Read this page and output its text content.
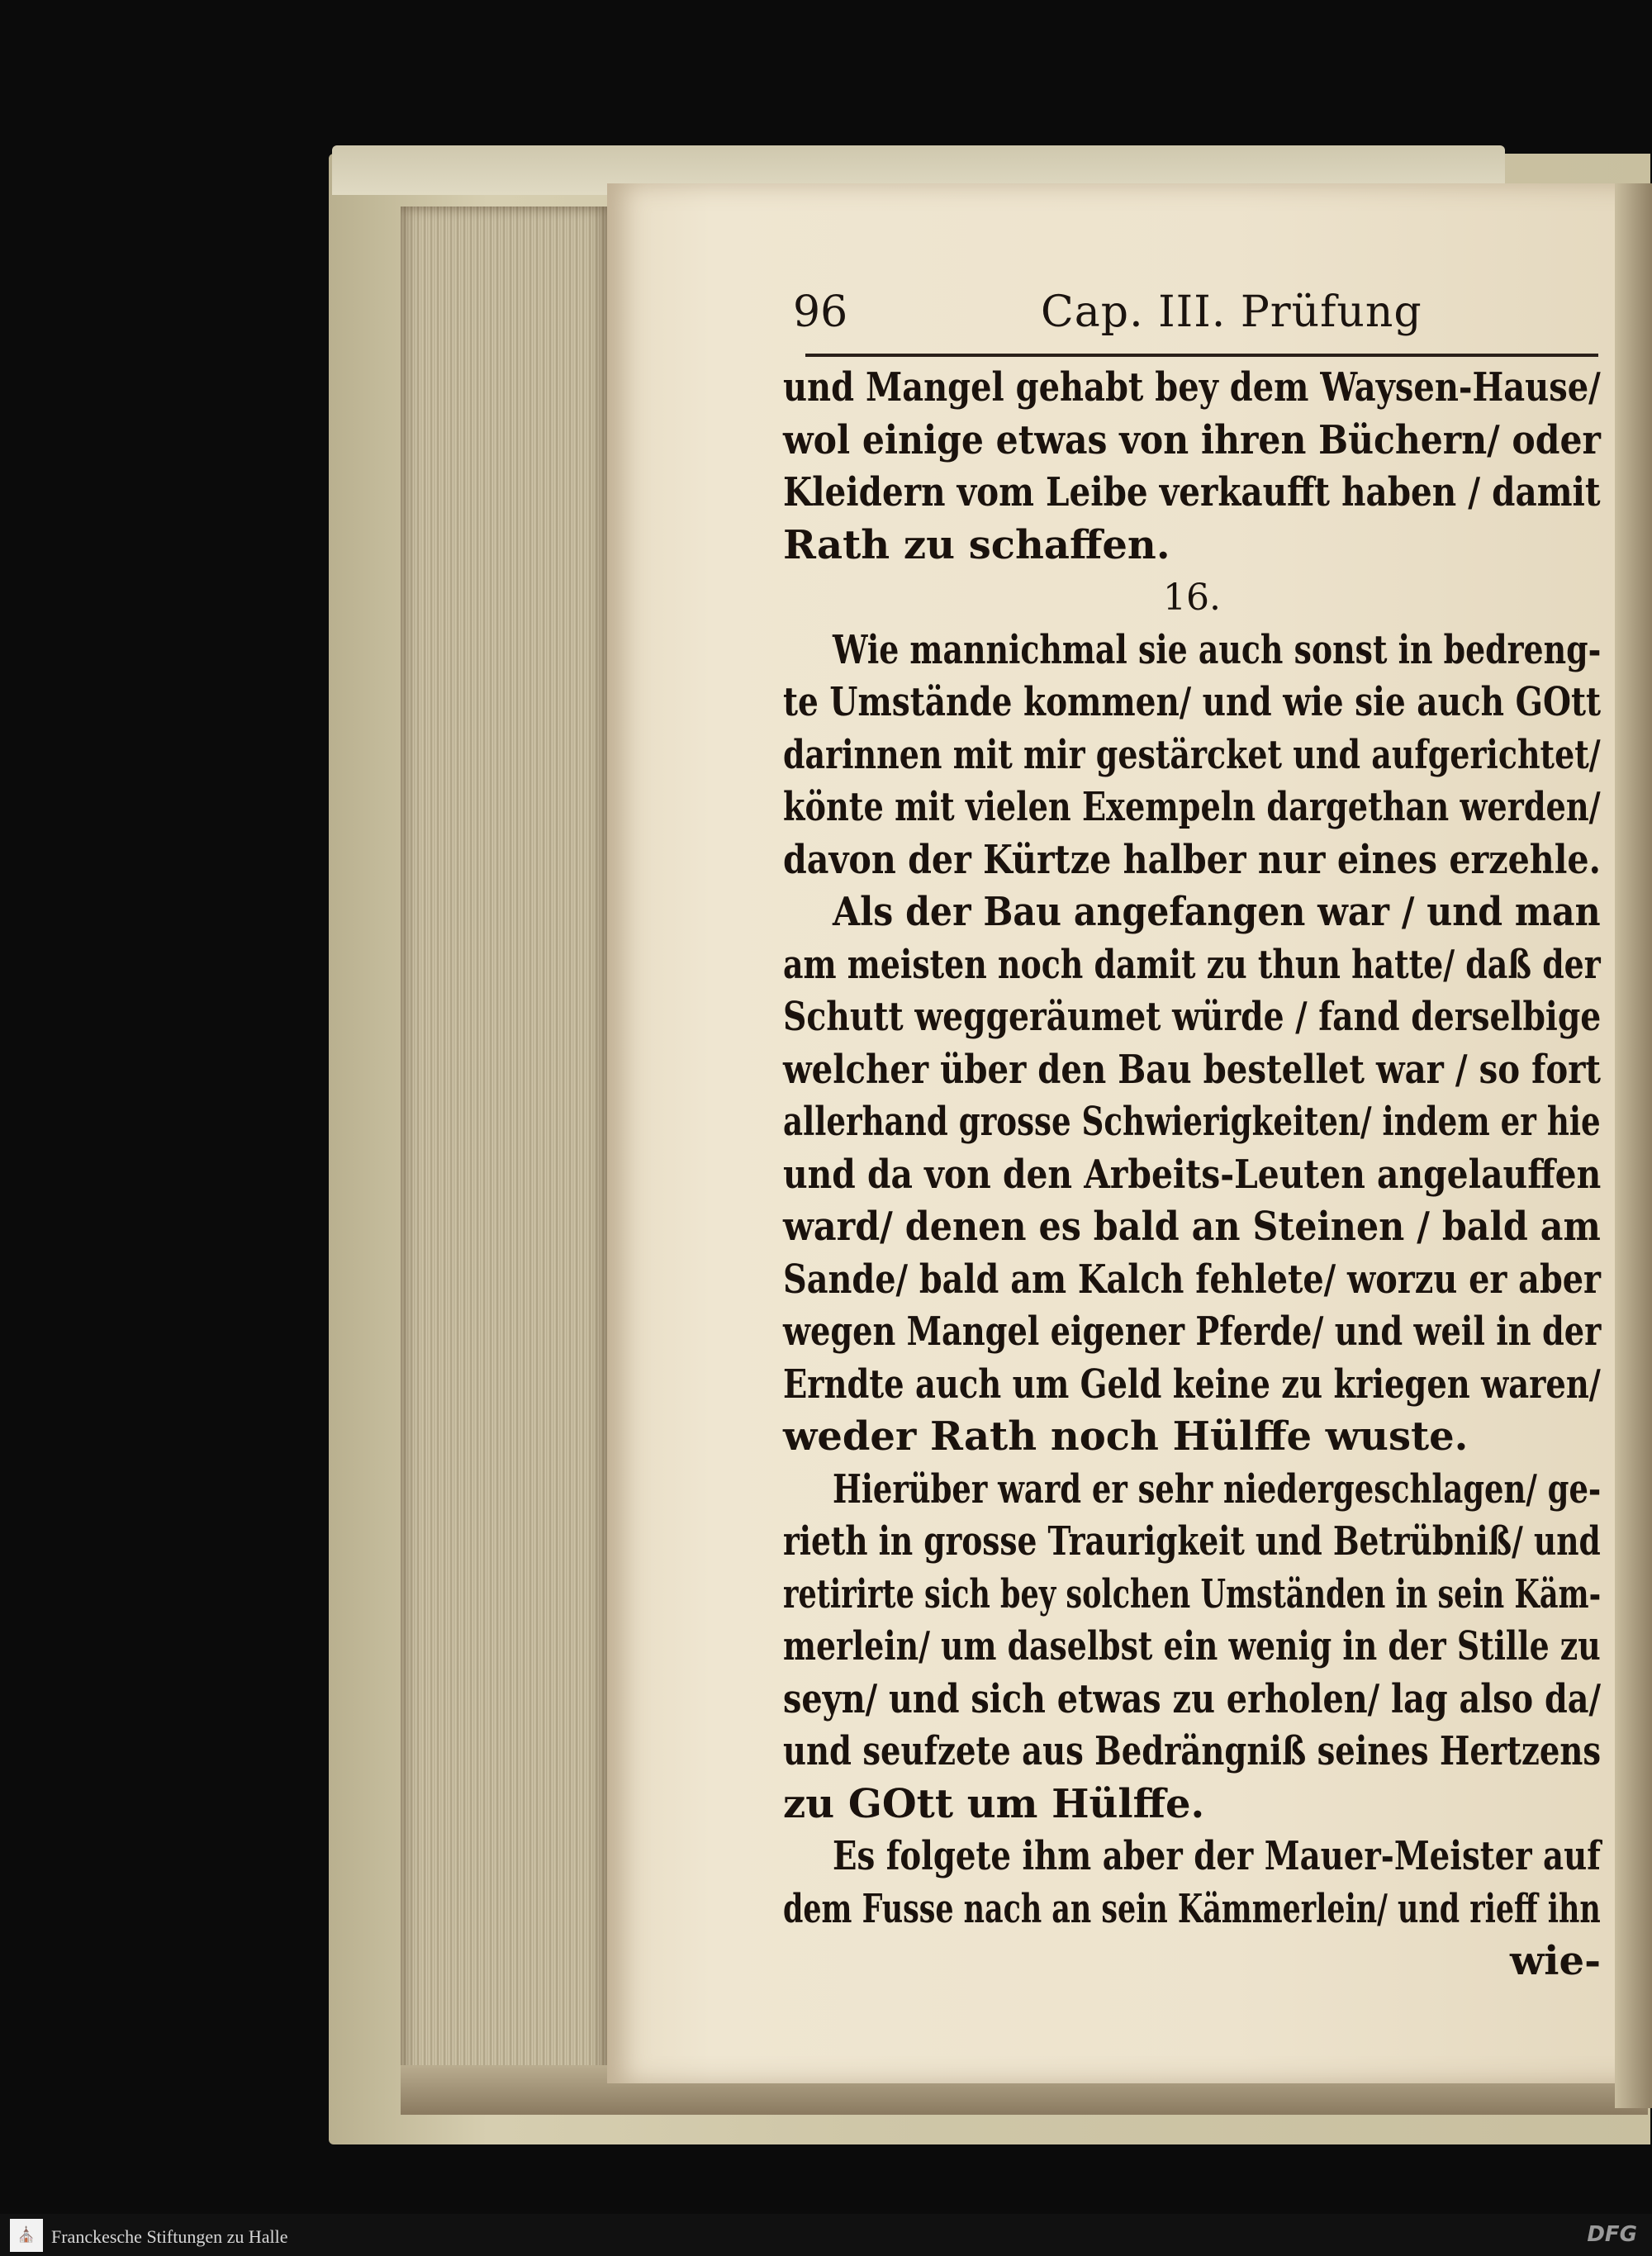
96	Cap. III. Prüfung
und Mangel gehabt bey dem Waysen-Hause/
wol einige etwas von ihren Büchern/ oder
Kleidern vom Leibe verkaufft haben / damit
Rath zu schaffen.
16.
Wie mannichmal sie auch sonst in bedreng-
te Umstände kommen/ und wie sie auch GOtt
darinnen mit mir gestärcket und aufgerichtet/
könte mit vielen Exempeln dargethan werden/
davon der Kürtze halber nur eines erzehle.
Als der Bau angefangen war / und man
am meisten noch damit zu thun hatte/ daß der
Schutt weggeräumet würde / fand derselbige
welcher über den Bau bestellet war / so fort
allerhand grosse Schwierigkeiten/ indem er hie
und da von den Arbeits-Leuten angelauffen
ward/ denen es bald an Steinen / bald am
Sande/ bald am Kalch fehlete/ worzu er aber
wegen Mangel eigener Pferde/ und weil in der
Erndte auch um Geld keine zu kriegen waren/
weder Rath noch Hülffe wuste.
Hierüber ward er sehr niedergeschlagen/ ge-
rieth in grosse Traurigkeit und Betrübniß/ und
retirirte sich bey solchen Umständen in sein Käm-
merlein/ um daselbst ein wenig in der Stille zu
seyn/ und sich etwas zu erholen/ lag also da/
und seufzete aus Bedrängniß seines Hertzens
zu GOtt um Hülffe.
Es folgete ihm aber der Mauer-Meister auf
dem Fusse nach an sein Kämmerlein/ und rieff ihn
wie-
⛪ Franckesche Stiftungen zu Halle	DFG
